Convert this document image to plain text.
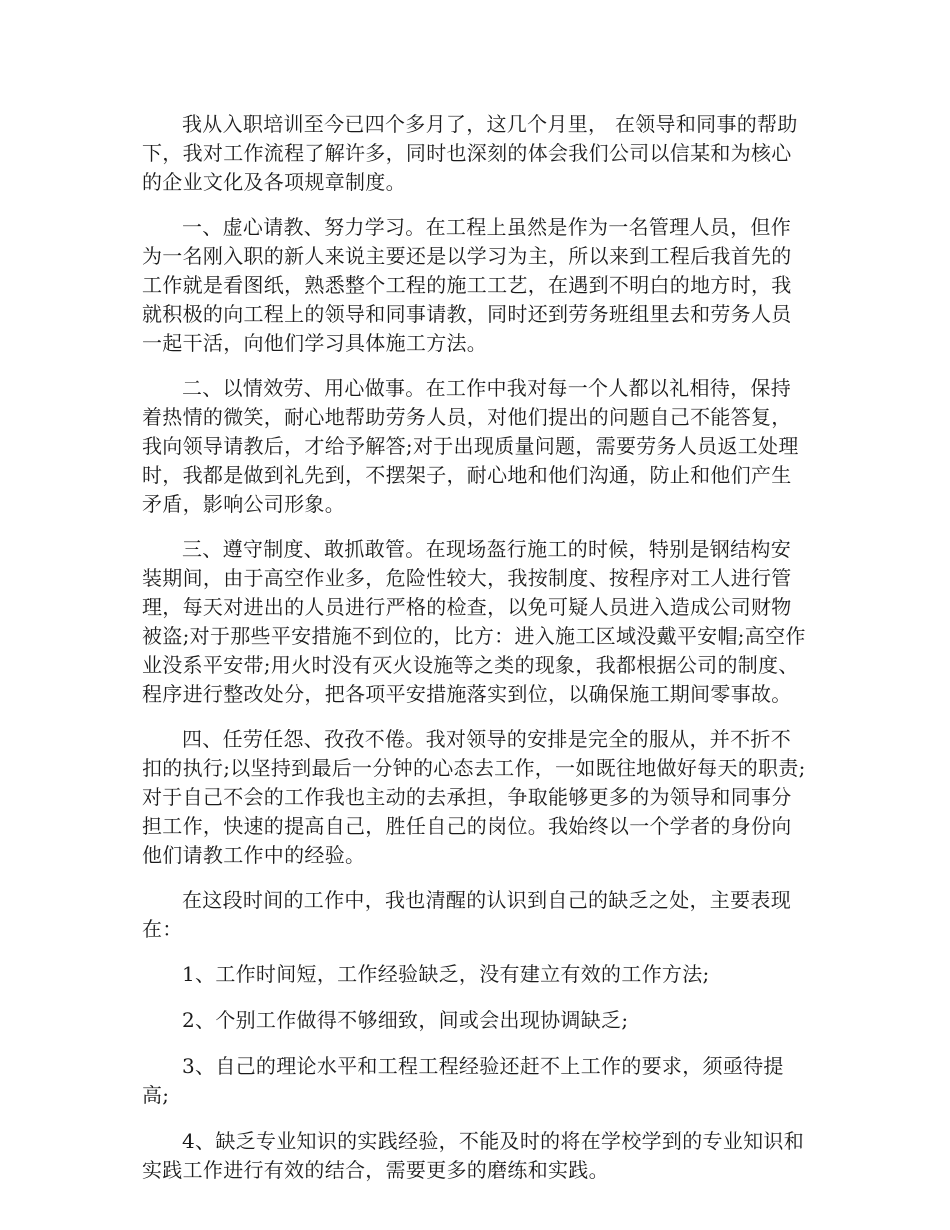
我从入职培训至今已四个多月了，这几个月里， 在领导和同事的帮助下，我对工作流程了解许多，同时也深刻的体会我们公司以信某和为核心的企业文化及各项规章制度。

一、虚心请教、努力学习。在工程上虽然是作为一名管理人员，但作为一名刚入职的新人来说主要还是以学习为主，所以来到工程后我首先的工作就是看图纸，熟悉整个工程的施工工艺，在遇到不明白的地方时，我就积极的向工程上的领导和同事请教，同时还到劳务班组里去和劳务人员一起干活，向他们学习具体施工方法。

二、以情效劳、用心做事。在工作中我对每一个人都以礼相待，保持着热情的微笑，耐心地帮助劳务人员，对他们提出的问题自己不能答复，我向领导请教后，才给予解答;对于出现质量问题，需要劳务人员返工处理时，我都是做到礼先到，不摆架子，耐心地和他们沟通，防止和他们产生矛盾，影响公司形象。

三、遵守制度、敢抓敢管。在现场盔行施工的时候，特别是钢结构安装期间，由于高空作业多，危险性较大，我按制度、按程序对工人进行管理，每天对进出的人员进行严格的检查，以免可疑人员进入造成公司财物被盗;对于那些平安措施不到位的，比方：进入施工区域没戴平安帽;高空作业没系平安带;用火时没有灭火设施等之类的现象，我都根据公司的制度、程序进行整改处分，把各项平安措施落实到位，以确保施工期间零事故。

四、任劳任怨、孜孜不倦。我对领导的安排是完全的服从，并不折不扣的执行;以坚持到最后一分钟的心态去工作，一如既往地做好每天的职责;对于自己不会的工作我也主动的去承担，争取能够更多的为领导和同事分担工作，快速的提高自己，胜任自己的岗位。我始终以一个学者的身份向他们请教工作中的经验。

在这段时间的工作中，我也清醒的认识到自己的缺乏之处，主要表现在：

1、工作时间短，工作经验缺乏，没有建立有效的工作方法;

2、个别工作做得不够细致，间或会出现协调缺乏;

3、自己的理论水平和工程工程经验还赶不上工作的要求，须亟待提高;

4、缺乏专业知识的实践经验，不能及时的将在学校学到的专业知识和实践工作进行有效的结合，需要更多的磨练和实践。
